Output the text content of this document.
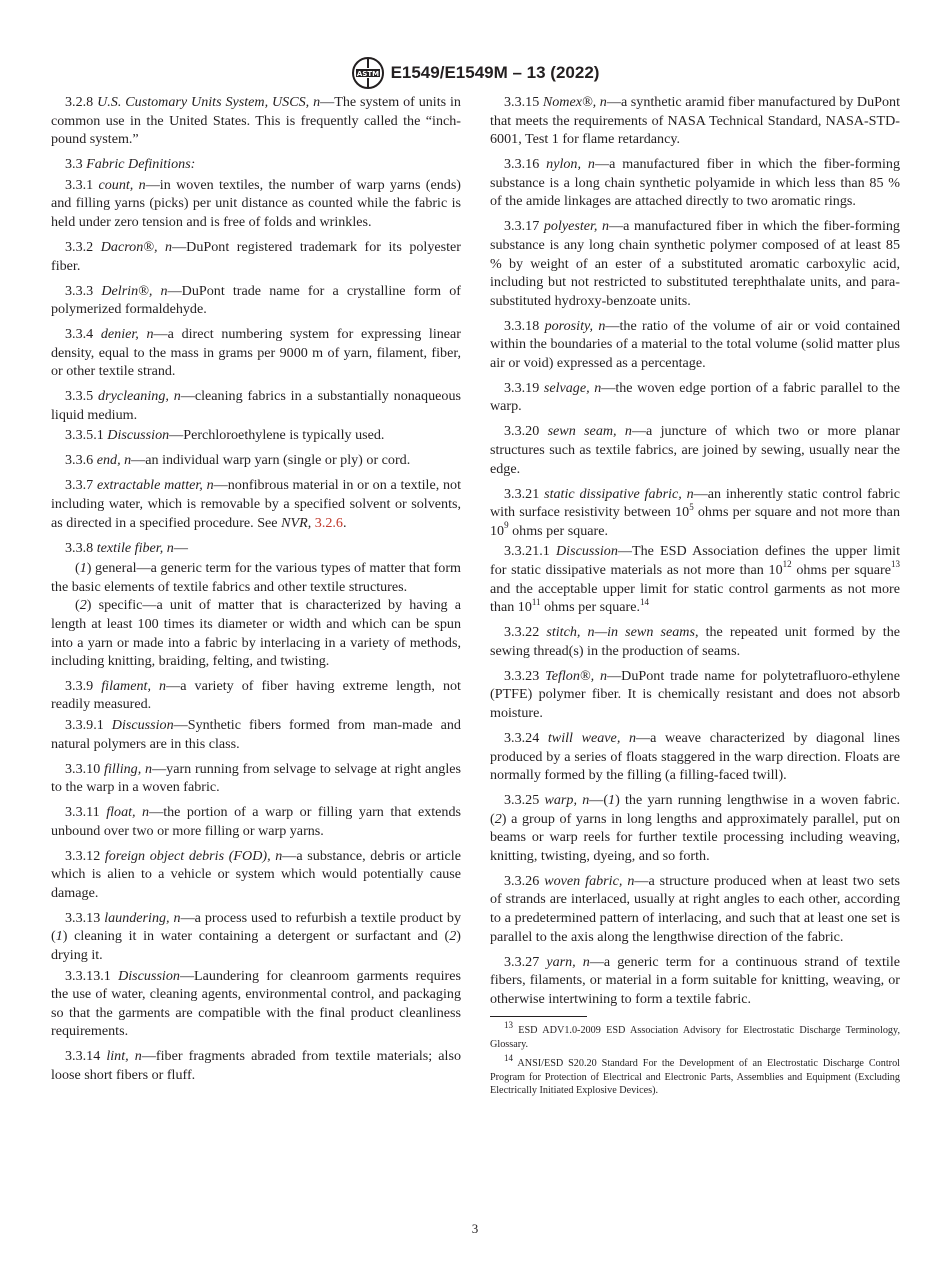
ASTM E1549/E1549M – 13 (2022)

3.2.8 U.S. Customary Units System, USCS, n—The system of units in common use in the United States. This is frequently called the “inch-pound system.”

3.3 Fabric Definitions:

3.3.1 count, n—in woven textiles, the number of warp yarns (ends) and filling yarns (picks) per unit distance as counted while the fabric is held under zero tension and is free of folds and wrinkles.

3.3.2 Dacron®, n—DuPont registered trademark for its polyester fiber.

3.3.3 Delrin®, n—DuPont trade name for a crystalline form of polymerized formaldehyde.

3.3.4 denier, n—a direct numbering system for expressing linear density, equal to the mass in grams per 9000 m of yarn, filament, fiber, or other textile strand.

3.3.5 drycleaning, n—cleaning fabrics in a substantially nonaqueous liquid medium.

3.3.5.1 Discussion—Perchloroethylene is typically used.

3.3.6 end, n—an individual warp yarn (single or ply) or cord.

3.3.7 extractable matter, n—nonfibrous material in or on a textile, not including water, which is removable by a specified solvent or solvents, as directed in a specified procedure. See NVR, 3.2.6.

3.3.8 textile fiber, n—

(1) general—a generic term for the various types of matter that form the basic elements of textile fabrics and other textile structures.

(2) specific—a unit of matter that is characterized by having a length at least 100 times its diameter or width and which can be spun into a yarn or made into a fabric by interlacing in a variety of methods, including knitting, braiding, felting, and twisting.

3.3.9 filament, n—a variety of fiber having extreme length, not readily measured.

3.3.9.1 Discussion—Synthetic fibers formed from man-made and natural polymers are in this class.

3.3.10 filling, n—yarn running from selvage to selvage at right angles to the warp in a woven fabric.

3.3.11 float, n—the portion of a warp or filling yarn that extends unbound over two or more filling or warp yarns.

3.3.12 foreign object debris (FOD), n—a substance, debris or article which is alien to a vehicle or system which would potentially cause damage.

3.3.13 laundering, n—a process used to refurbish a textile product by (1) cleaning it in water containing a detergent or surfactant and (2) drying it.

3.3.13.1 Discussion—Laundering for cleanroom garments requires the use of water, cleaning agents, environmental control, and packaging so that the garments are compatible with the final product cleanliness requirements.

3.3.14 lint, n—fiber fragments abraded from textile materials; also loose short fibers or fluff.

3.3.15 Nomex®, n—a synthetic aramid fiber manufactured by DuPont that meets the requirements of NASA Technical Standard, NASA-STD-6001, Test 1 for flame retardancy.

3.3.16 nylon, n—a manufactured fiber in which the fiber-forming substance is a long chain synthetic polyamide in which less than 85 % of the amide linkages are attached directly to two aromatic rings.

3.3.17 polyester, n—a manufactured fiber in which the fiber-forming substance is any long chain synthetic polymer composed of at least 85 % by weight of an ester of a substituted aromatic carboxylic acid, including but not restricted to substituted terephthalate units, and para-substituted hydroxy-benzoate units.

3.3.18 porosity, n—the ratio of the volume of air or void contained within the boundaries of a material to the total volume (solid matter plus air or void) expressed as a percentage.

3.3.19 selvage, n—the woven edge portion of a fabric parallel to the warp.

3.3.20 sewn seam, n—a juncture of which two or more planar structures such as textile fabrics, are joined by sewing, usually near the edge.

3.3.21 static dissipative fabric, n—an inherently static control fabric with surface resistivity between $10^5$ ohms per square and not more than $10^9$ ohms per square.

3.3.21.1 Discussion—The ESD Association defines the upper limit for static dissipative materials as not more than $10^{12}$ ohms per square$^{13}$ and the acceptable upper limit for static control garments as not more than $10^{11}$ ohms per square.$^{14}$

3.3.22 stitch, n—in sewn seams, the repeated unit formed by the sewing thread(s) in the production of seams.

3.3.23 Teflon®, n—DuPont trade name for polytetrafluoro-ethylene (PTFE) polymer fiber. It is chemically resistant and does not absorb moisture.

3.3.24 twill weave, n—a weave characterized by diagonal lines produced by a series of floats staggered in the warp direction. Floats are normally formed by the filling (a filling-faced twill).

3.3.25 warp, n—(1) the yarn running lengthwise in a woven fabric. (2) a group of yarns in long lengths and approximately parallel, put on beams or warp reels for further textile processing including weaving, knitting, twisting, dyeing, and so forth.

3.3.26 woven fabric, n—a structure produced when at least two sets of strands are interlaced, usually at right angles to each other, according to a predetermined pattern of interlacing, and such that at least one set is parallel to the axis along the lengthwise direction of the fabric.

3.3.27 yarn, n—a generic term for a continuous strand of textile fibers, filaments, or material in a form suitable for knitting, weaving, or otherwise intertwining to form a textile fabric.

$^{13}$ ESD ADV1.0-2009 ESD Association Advisory for Electrostatic Discharge Terminology, Glossary.

$^{14}$ ANSI/ESD S20.20 Standard For the Development of an Electrostatic Discharge Control Program for Protection of Electrical and Electronic Parts, Assemblies and Equipment (Excluding Electrically Initiated Explosive Devices).

3
